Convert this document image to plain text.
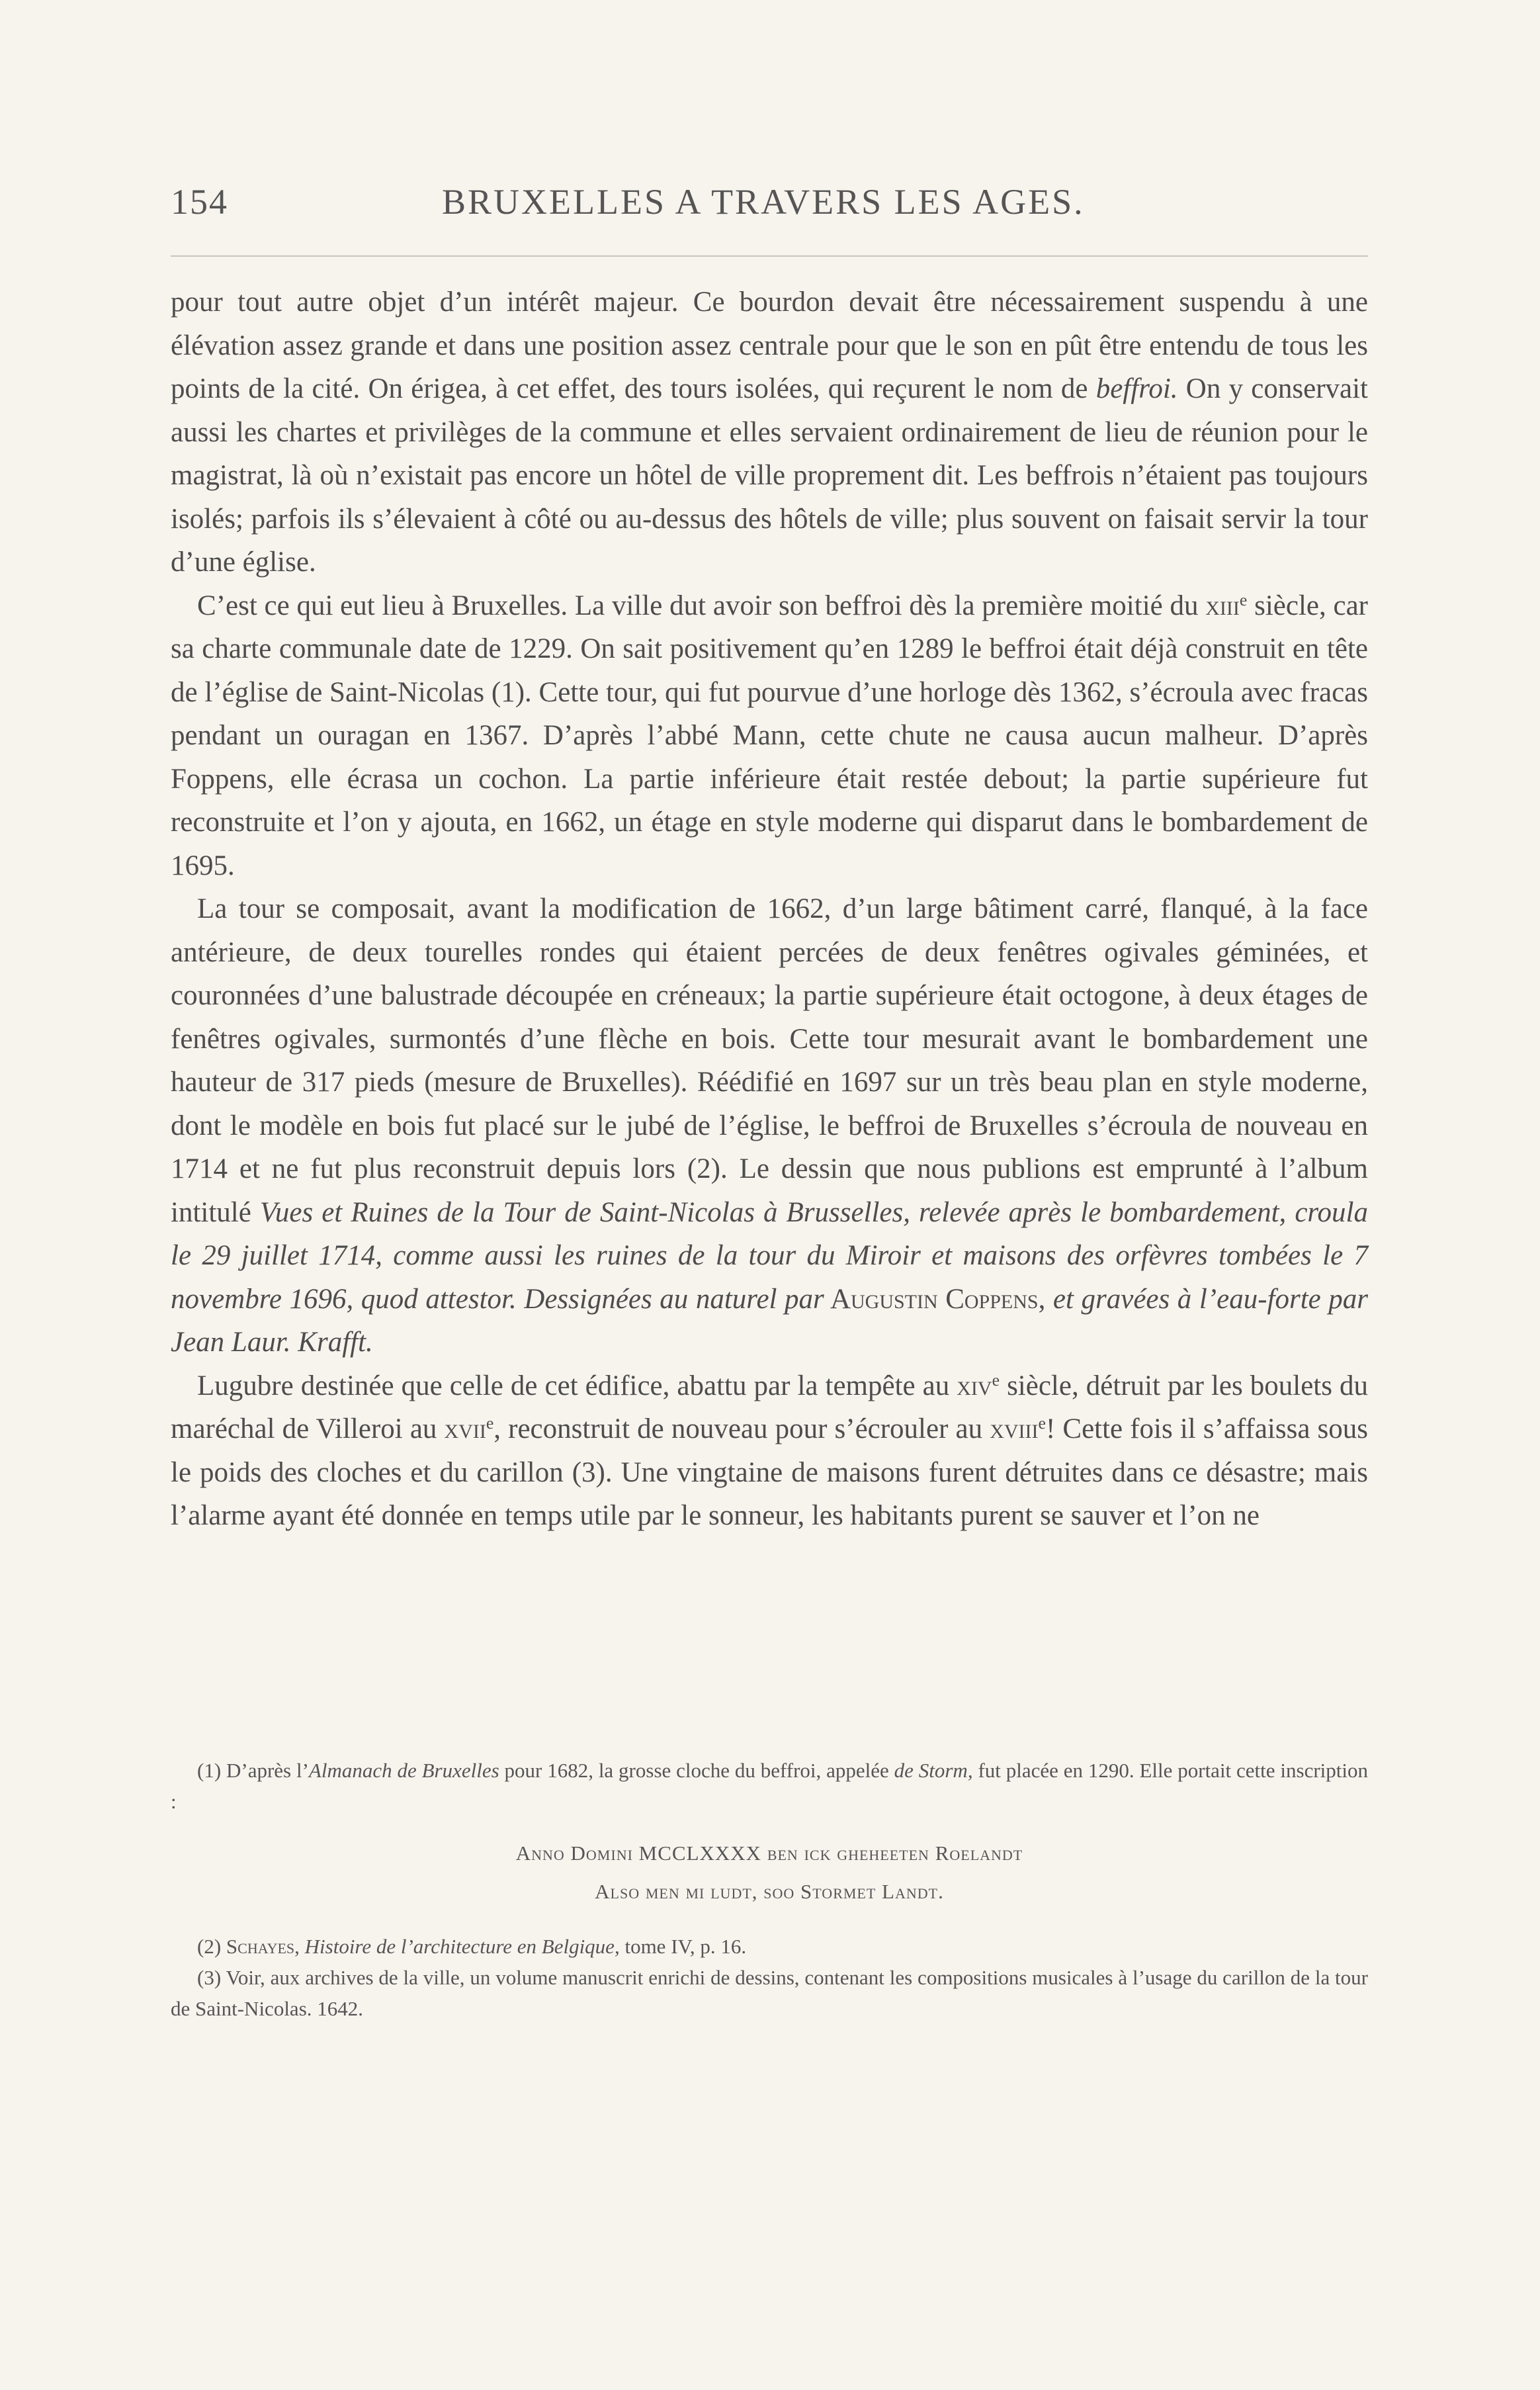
154	BRUXELLES A TRAVERS LES AGES.

pour tout autre objet d’un intérêt majeur. Ce bourdon devait être nécessairement suspendu à une élévation assez grande et dans une position assez centrale pour que le son en pût être entendu de tous les points de la cité. On érigea, à cet effet, des tours isolées, qui reçurent le nom de beffroi. On y conservait aussi les chartes et privilèges de la commune et elles servaient ordinairement de lieu de réunion pour le magistrat, là où n’existait pas encore un hôtel de ville proprement dit. Les beffrois n’étaient pas toujours isolés; parfois ils s’élevaient à côté ou au-dessus des hôtels de ville; plus souvent on faisait servir la tour d’une église.

C’est ce qui eut lieu à Bruxelles. La ville dut avoir son beffroi dès la première moitié du xiii$^e$ siècle, car sa charte communale date de 1229. On sait positivement qu’en 1289 le beffroi était déjà construit en tête de l’église de Saint-Nicolas (1). Cette tour, qui fut pourvue d’une horloge dès 1362, s’écroula avec fracas pendant un ouragan en 1367. D’après l’abbé Mann, cette chute ne causa aucun malheur. D’après Foppens, elle écrasa un cochon. La partie inférieure était restée debout; la partie supérieure fut reconstruite et l’on y ajouta, en 1662, un étage en style moderne qui disparut dans le bombardement de 1695.

La tour se composait, avant la modification de 1662, d’un large bâtiment carré, flanqué, à la face antérieure, de deux tourelles rondes qui étaient percées de deux fenêtres ogivales géminées, et couronnées d’une balustrade découpée en créneaux; la partie supérieure était octogone, à deux étages de fenêtres ogivales, surmontés d’une flèche en bois. Cette tour mesurait avant le bombardement une hauteur de 317 pieds (mesure de Bruxelles). Réédifié en 1697 sur un très beau plan en style moderne, dont le modèle en bois fut placé sur le jubé de l’église, le beffroi de Bruxelles s’écroula de nouveau en 1714 et ne fut plus reconstruit depuis lors (2). Le dessin que nous publions est emprunté à l’album intitulé Vues et Ruines de la Tour de Saint-Nicolas à Brusselles, relevée après le bombardement, croula le 29 juillet 1714, comme aussi les ruines de la tour du Miroir et maisons des orfèvres tombées le 7 novembre 1696, quod attestor. Dessignées au naturel par Augustin Coppens, et gravées à l’eau-forte par Jean Laur. Krafft.

Lugubre destinée que celle de cet édifice, abattu par la tempête au xiv$^e$ siècle, détruit par les boulets du maréchal de Villeroi au xvii$^e$, reconstruit de nouveau pour s’écrouler au xviii$^e$! Cette fois il s’affaissa sous le poids des cloches et du carillon (3). Une vingtaine de maisons furent détruites dans ce désastre; mais l’alarme ayant été donnée en temps utile par le sonneur, les habitants purent se sauver et l’on ne

(1) D’après l’Almanach de Bruxelles pour 1682, la grosse cloche du beffroi, appelée de Storm, fut placée en 1290. Elle portait cette inscription :

Anno Domini MCCLXXXX ben ick gheheeten Roelandt
Also men mi ludt, soo Stormet Landt.

(2) Schayes, Histoire de l’architecture en Belgique, tome IV, p. 16.

(3) Voir, aux archives de la ville, un volume manuscrit enrichi de dessins, contenant les compositions musicales à l’usage du carillon de la tour de Saint-Nicolas. 1642.
